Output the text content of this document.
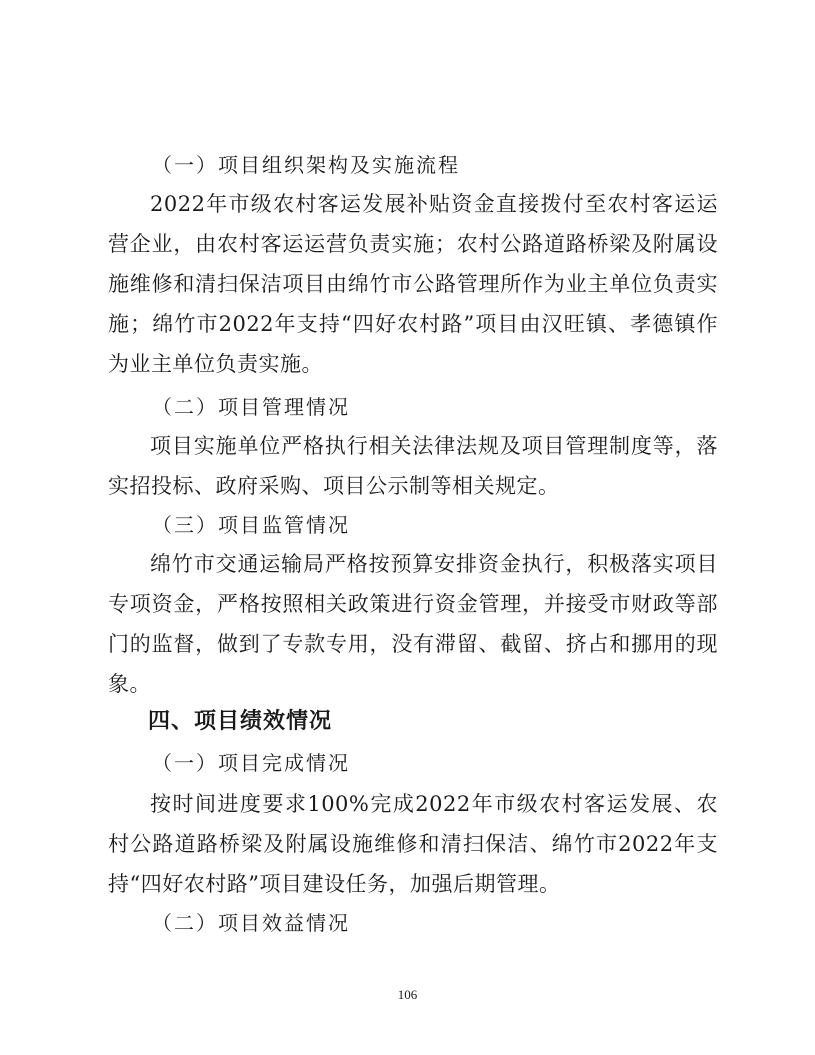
（一）项目组织架构及实施流程
2022年市级农村客运发展补贴资金直接拨付至农村客运运营企业，由农村客运运营负责实施；农村公路道路桥梁及附属设施维修和清扫保洁项目由绵竹市公路管理所作为业主单位负责实施；绵竹市2022年支持“四好农村路”项目由汉旺镇、孝德镇作为业主单位负责实施。
（二）项目管理情况
项目实施单位严格执行相关法律法规及项目管理制度等，落实招投标、政府采购、项目公示制等相关规定。
（三）项目监管情况
绵竹市交通运输局严格按预算安排资金执行，积极落实项目专项资金，严格按照相关政策进行资金管理，并接受市财政等部门的监督，做到了专款专用，没有滞留、截留、挤占和挪用的现象。
四、项目绩效情况
（一）项目完成情况
按时间进度要求100%完成2022年市级农村客运发展、农村公路道路桥梁及附属设施维修和清扫保洁、绵竹市2022年支持“四好农村路”项目建设任务，加强后期管理。
（二）项目效益情况
106
